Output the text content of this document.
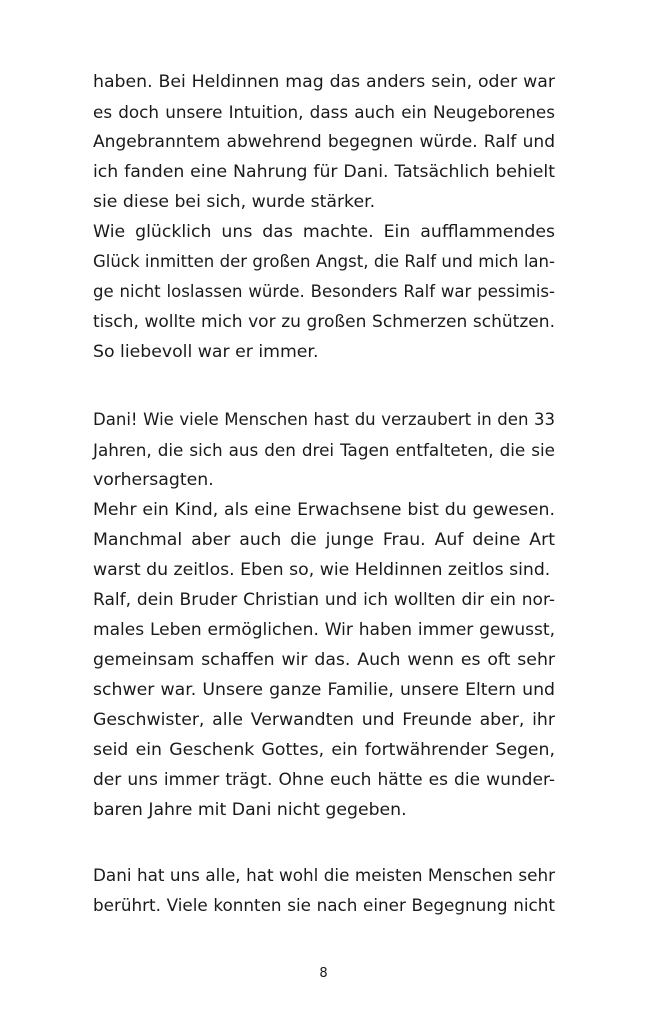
haben. Bei Heldinnen mag das anders sein, oder war
es doch unsere Intuition, dass auch ein Neugeborenes
Angebranntem abwehrend begegnen würde. Ralf und
ich fanden eine Nahrung für Dani. Tatsächlich behielt
sie diese bei sich, wurde stärker.
Wie glücklich uns das machte. Ein aufflammendes
Glück inmitten der großen Angst, die Ralf und mich lan-
ge nicht loslassen würde. Besonders Ralf war pessimis-
tisch, wollte mich vor zu großen Schmerzen schützen.
So liebevoll war er immer.
Dani! Wie viele Menschen hast du verzaubert in den 33
Jahren, die sich aus den drei Tagen entfalteten, die sie
vorhersagten.
Mehr ein Kind, als eine Erwachsene bist du gewesen.
Manchmal aber auch die junge Frau. Auf deine Art
warst du zeitlos. Eben so, wie Heldinnen zeitlos sind.
Ralf, dein Bruder Christian und ich wollten dir ein nor-
males Leben ermöglichen. Wir haben immer gewusst,
gemeinsam schaffen wir das. Auch wenn es oft sehr
schwer war. Unsere ganze Familie, unsere Eltern und
Geschwister, alle Verwandten und Freunde aber, ihr
seid ein Geschenk Gottes, ein fortwährender Segen,
der uns immer trägt. Ohne euch hätte es die wunder-
baren Jahre mit Dani nicht gegeben.
Dani hat uns alle, hat wohl die meisten Menschen sehr
berührt. Viele konnten sie nach einer Begegnung nicht
8
